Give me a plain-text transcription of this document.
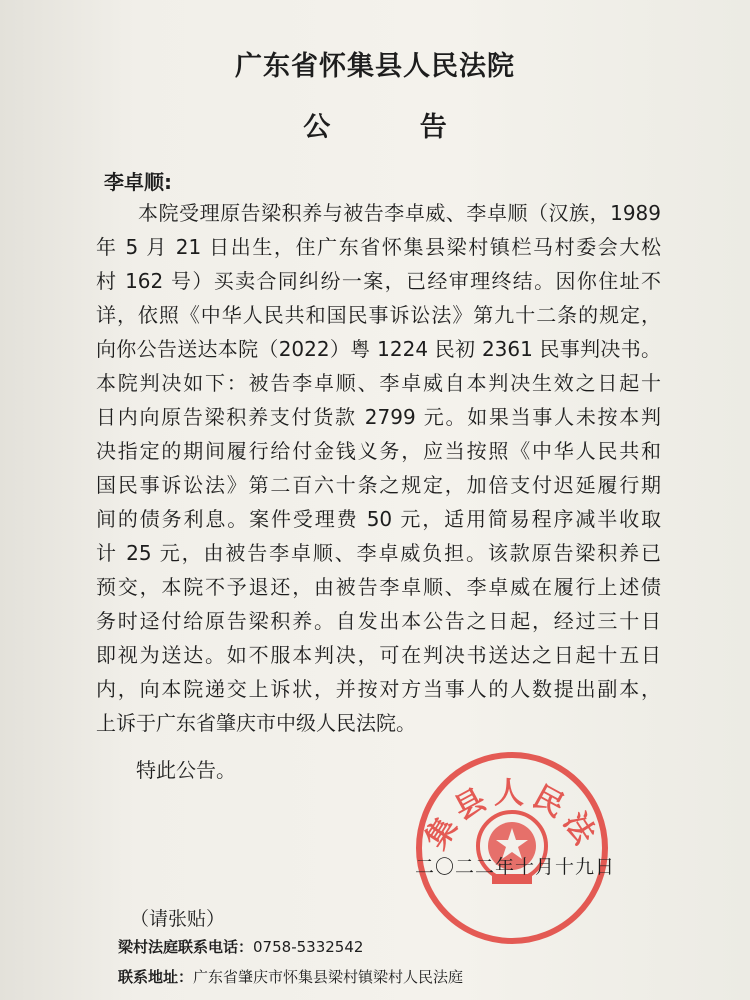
广东省怀集县人民法院
公 告
李卓顺:
本院受理原告梁积养与被告李卓威、李卓顺（汉族，1989
年 5 月 21 日出生，住广东省怀集县梁村镇栏马村委会大松
村 162 号）买卖合同纠纷一案，已经审理终结。因你住址不
详，依照《中华人民共和国民事诉讼法》第九十二条的规定，
向你公告送达本院（2022）粤 1224 民初 2361 民事判决书。
本院判决如下：被告李卓顺、李卓威自本判决生效之日起十
日内向原告梁积养支付货款 2799 元。如果当事人未按本判
决指定的期间履行给付金钱义务，应当按照《中华人民共和
国民事诉讼法》第二百六十条之规定，加倍支付迟延履行期
间的债务利息。案件受理费 50 元，适用简易程序减半收取
计 25 元，由被告李卓顺、李卓威负担。该款原告梁积养已
预交，本院不予退还，由被告李卓顺、李卓威在履行上述债
务时迳付给原告梁积养。自发出本公告之日起，经过三十日
即视为送达。如不服本判决，可在判决书送达之日起十五日
内，向本院递交上诉状，并按对方当事人的人数提出副本，
上诉于广东省肇庆市中级人民法院。
特此公告。
集县人民法
二〇二二年十月十九日
（请张贴）
梁村法庭联系电话：0758-5332542
联系地址：广东省肇庆市怀集县梁村镇梁村人民法庭
